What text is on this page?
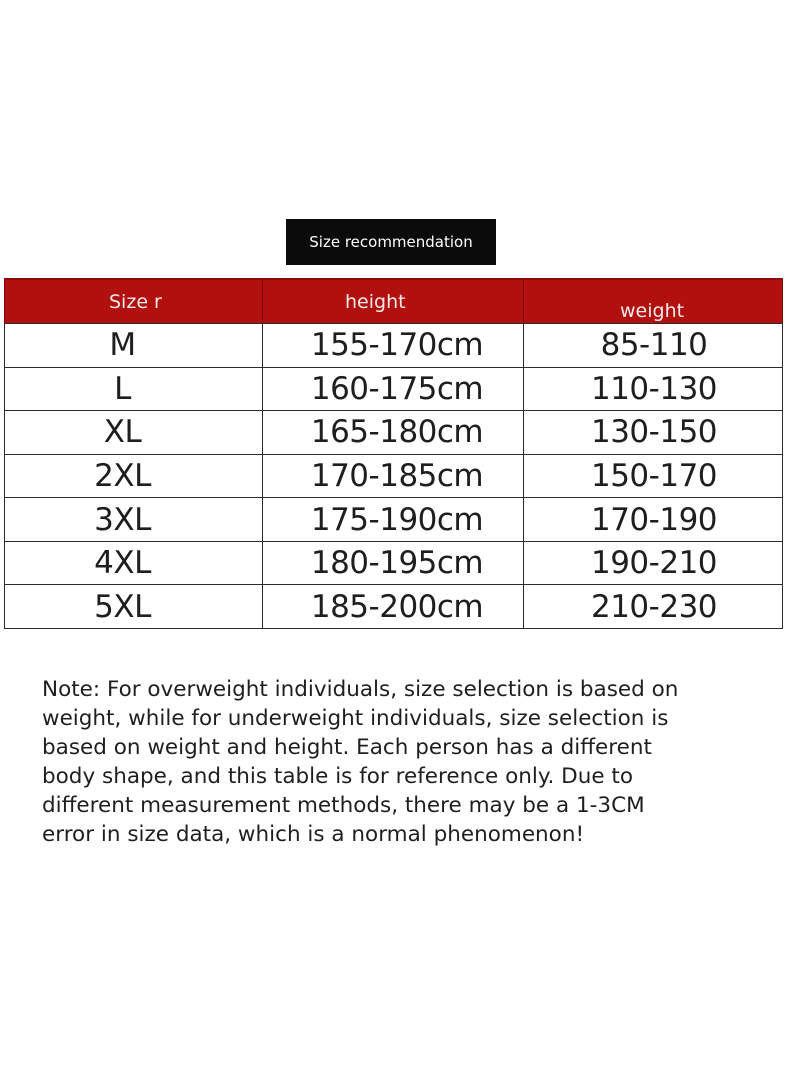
Size recommendation
Size r	height	weight
M	155-170cm	85-110
L	160-175cm	110-130
XL	165-180cm	130-150
2XL	170-185cm	150-170
3XL	175-190cm	170-190
4XL	180-195cm	190-210
5XL	185-200cm	210-230
Note: For overweight individuals, size selection is based on
weight, while for underweight individuals, size selection is
based on weight and height. Each person has a different
body shape, and this table is for reference only. Due to
different measurement methods, there may be a 1-3CM
error in size data, which is a normal phenomenon!
